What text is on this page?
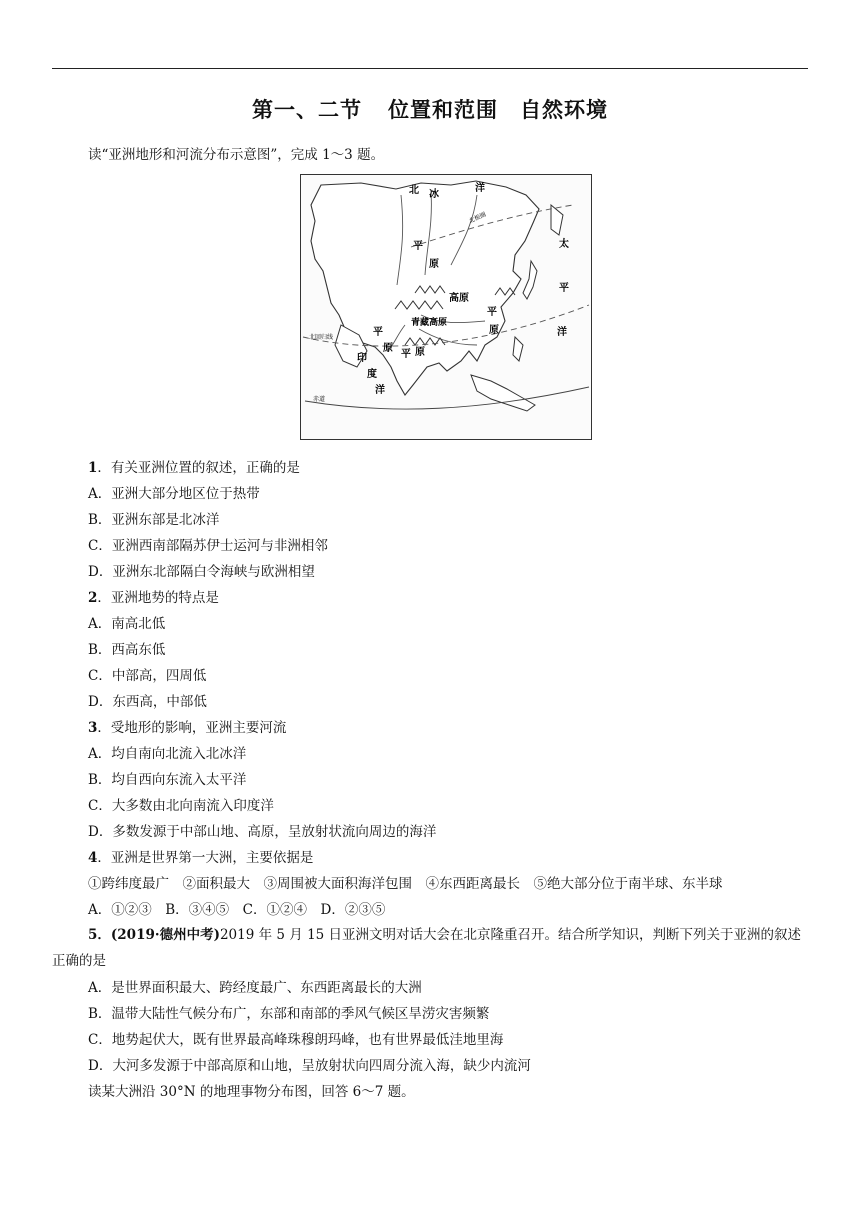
第一、二节 位置和范围 自然环境
读“亚洲地形和河流分布示意图”，完成 1～3 题。
北 冰
洋
太
平
洋
北极圈
平
原
高原
青藏高原
平
原
平
原
平 原
北回归线
印
度
洋
赤道
1．有关亚洲位置的叙述，正确的是
A．亚洲大部分地区位于热带
B．亚洲东部是北冰洋
C．亚洲西南部隔苏伊士运河与非洲相邻
D．亚洲东北部隔白令海峡与欧洲相望
2．亚洲地势的特点是
A．南高北低
B．西高东低
C．中部高，四周低
D．东西高，中部低
3．受地形的影响，亚洲主要河流
A．均自南向北流入北冰洋
B．均自西向东流入太平洋
C．大多数由北向南流入印度洋
D．多数发源于中部山地、高原，呈放射状流向周边的海洋
4．亚洲是世界第一大洲，主要依据是
①跨纬度最广　②面积最大　③周围被大面积海洋包围　④东西距离最长　⑤绝大部分位于南半球、东半球
A．①②③　B．③④⑤　C．①②④　D．②③⑤
5．(2019·德州中考)2019 年 5 月 15 日亚洲文明对话大会在北京隆重召开。结合所学知识，判断下列关于亚洲的叙述正确的是
A．是世界面积最大、跨经度最广、东西距离最长的大洲
B．温带大陆性气候分布广，东部和南部的季风气候区旱涝灾害频繁
C．地势起伏大，既有世界最高峰珠穆朗玛峰，也有世界最低洼地里海
D．大河多发源于中部高原和山地，呈放射状向四周分流入海，缺少内流河
读某大洲沿 30°N 的地理事物分布图，回答 6～7 题。
